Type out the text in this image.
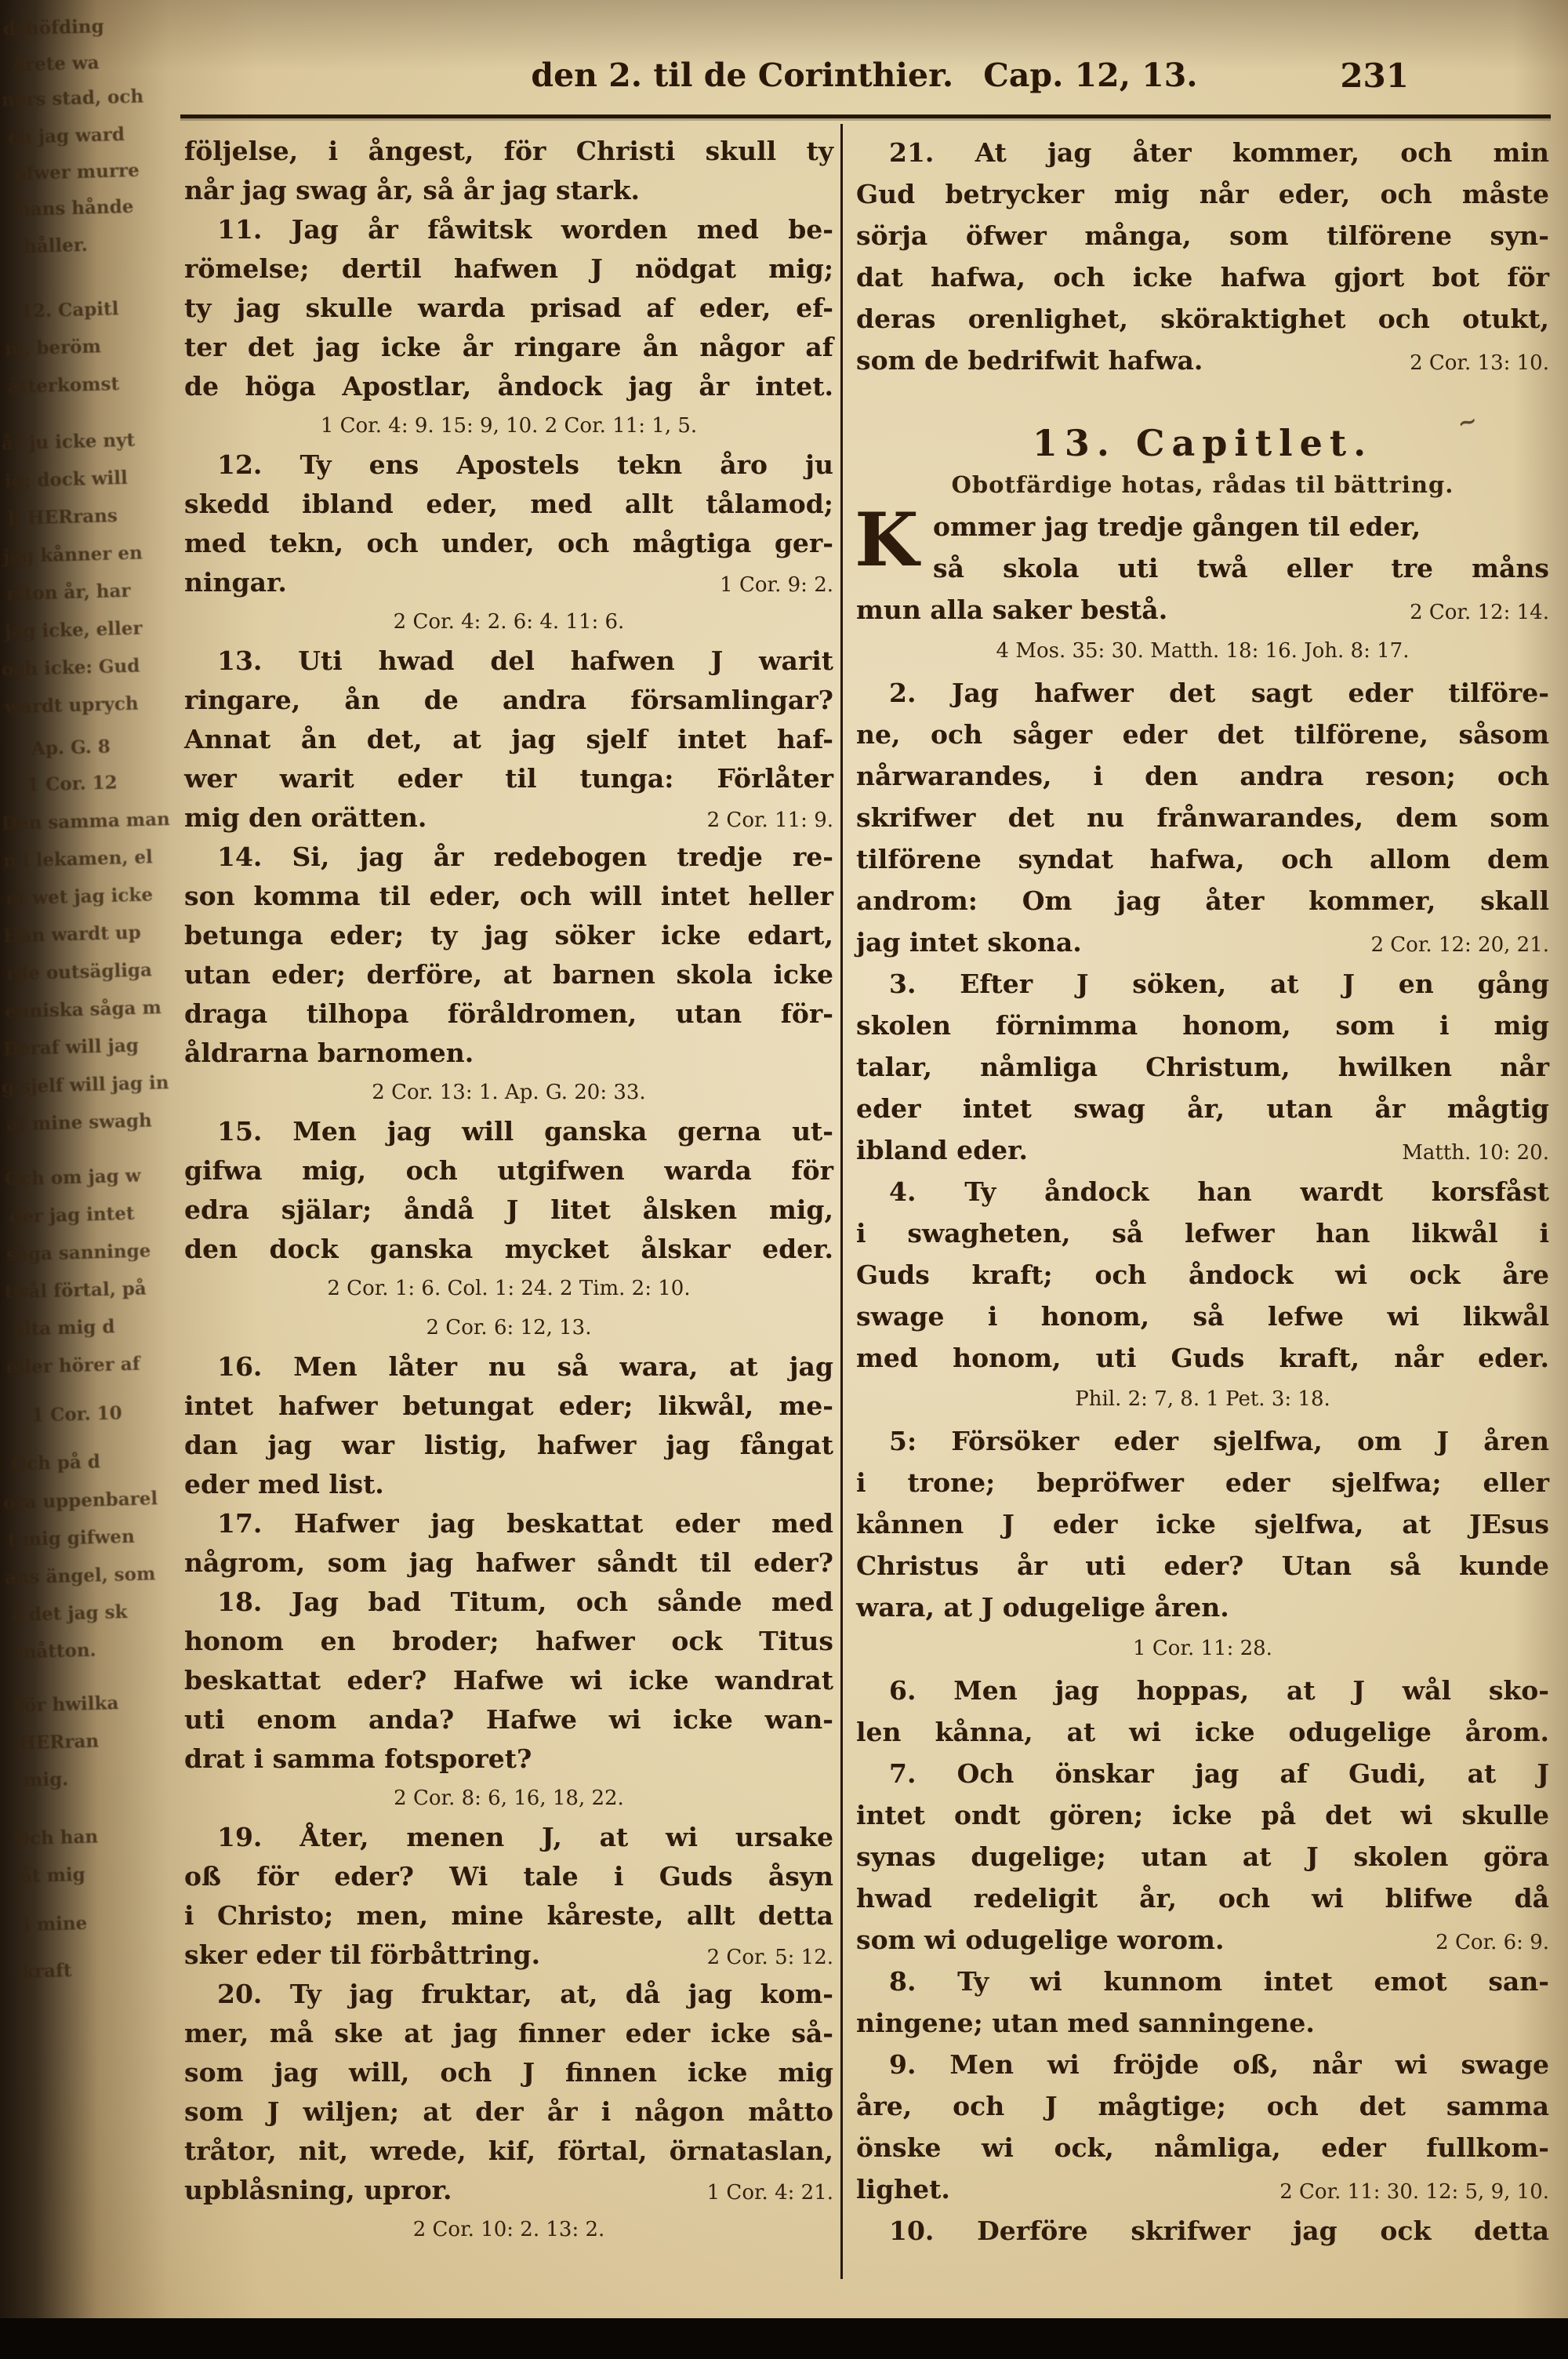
dshöfding
Arete wa
ners stad, och
ch jag ward
öfwer murre
hans hånde
håller.
12. Capitl
m, beröm
åtterkomst
år ju icke nyt
ig; dock will
h HERrans
jag kånner en
rtton år, har
jag icke, eller
och icke: Gud
wardt uprych
Ap. G. 8
1 Cor. 12
Den samma man
n i lekamen, el
et wet jag icke
Han wardt up
rde outsägliga
enniska såga m
Deraf will jag
g sjelf will jag in
af mine swagh
Och om jag w
der jag intet
såga sanninge
twål förtal, på
alta mig d
eller hörer af
1 Cor. 10
Och på d
ora uppenbarel
t mig gifwen
ans ängel, som
å det jag sk
måtton.
För hwilka
HERran
mig.
Och han
åt mig
i mine
kraft
den 2. til de Corinthier. Cap. 12, 13.	231
följelse, i ångest, för Christi skull ty
når jag swag år, så år jag stark.
11. Jag år fåwitsk worden med be-
römelse; dertil hafwen J nödgat mig;
ty jag skulle warda prisad af eder, ef-
ter det jag icke år ringare ån någor af
de höga Apostlar, åndock jag år intet.
1 Cor. 4: 9. 15: 9, 10. 2 Cor. 11: 1, 5.
12. Ty ens Apostels tekn åro ju
skedd ibland eder, med allt tålamod;
med tekn, och under, och mågtiga ger-
ningar.	1 Cor. 9: 2.
2 Cor. 4: 2. 6: 4. 11: 6.
13. Uti hwad del hafwen J warit
ringare, ån de andra församlingar?
Annat ån det, at jag sjelf intet haf-
wer warit eder til tunga: Förlåter
mig den orätten.	2 Cor. 11: 9.
14. Si, jag år redebogen tredje re-
son komma til eder, och will intet heller
betunga eder; ty jag söker icke edart,
utan eder; derföre, at barnen skola icke
draga tilhopa föråldromen, utan för-
åldrarna barnomen.
2 Cor. 13: 1. Ap. G. 20: 33.
15. Men jag will ganska gerna ut-
gifwa mig, och utgifwen warda för
edra själar; åndå J litet ålsken mig,
den dock ganska mycket ålskar eder.
2 Cor. 1: 6. Col. 1: 24. 2 Tim. 2: 10.
2 Cor. 6: 12, 13.
16. Men låter nu så wara, at jag
intet hafwer betungat eder; likwål, me-
dan jag war listig, hafwer jag fångat
eder med list.
17. Hafwer jag beskattat eder med
någrom, som jag hafwer såndt til eder?
18. Jag bad Titum, och sånde med
honom en broder; hafwer ock Titus
beskattat eder? Hafwe wi icke wandrat
uti enom anda? Hafwe wi icke wan-
drat i samma fotsporet?
2 Cor. 8: 6, 16, 18, 22.
19. Åter, menen J, at wi ursake
oß för eder? Wi tale i Guds åsyn
i Christo; men, mine kåreste, allt detta
sker eder til förbåttring.	2 Cor. 5: 12.
20. Ty jag fruktar, at, då jag kom-
mer, må ske at jag finner eder icke så-
som jag will, och J finnen icke mig
som J wiljen; at der år i någon måtto
tråtor, nit, wrede, kif, förtal, örnataslan,
upblåsning, upror.	1 Cor. 4: 21.
2 Cor. 10: 2. 13: 2.
21. At jag åter kommer, och min
Gud betrycker mig når eder, och måste
sörja öfwer många, som tilförene syn-
dat hafwa, och icke hafwa gjort bot för
deras orenlighet, sköraktighet och otukt,
som de bedrifwit hafwa.	2 Cor. 13: 10.
~
13. Capitlet.
Obotfärdige hotas, rådas til bättring.
K ommer jag tredje gången til eder,
så skola uti twå eller tre måns
mun alla saker bestå.	2 Cor. 12: 14.
4 Mos. 35: 30. Matth. 18: 16. Joh. 8: 17.
2. Jag hafwer det sagt eder tilföre-
ne, och såger eder det tilförene, såsom
nårwarandes, i den andra reson; och
skrifwer det nu frånwarandes, dem som
tilförene syndat hafwa, och allom dem
androm: Om jag åter kommer, skall
jag intet skona.	2 Cor. 12: 20, 21.
3. Efter J söken, at J en gång
skolen förnimma honom, som i mig
talar, nåmliga Christum, hwilken når
eder intet swag år, utan år mågtig
ibland eder.	Matth. 10: 20.
4. Ty åndock han wardt korsfåst
i swagheten, så lefwer han likwål i
Guds kraft; och åndock wi ock åre
swage i honom, så lefwe wi likwål
med honom, uti Guds kraft, når eder.
Phil. 2: 7, 8. 1 Pet. 3: 18.
5: Försöker eder sjelfwa, om J åren
i trone; bepröfwer eder sjelfwa; eller
kånnen J eder icke sjelfwa, at JEsus
Christus år uti eder? Utan så kunde
wara, at J odugelige åren.
1 Cor. 11: 28.
6. Men jag hoppas, at J wål sko-
len kånna, at wi icke odugelige årom.
7. Och önskar jag af Gudi, at J
intet ondt gören; icke på det wi skulle
synas dugelige; utan at J skolen göra
hwad redeligit år, och wi blifwe då
som wi odugelige worom.	2 Cor. 6: 9.
8. Ty wi kunnom intet emot san-
ningene; utan med sanningene.
9. Men wi fröjde oß, når wi swage
åre, och J mågtige; och det samma
önske wi ock, nåmliga, eder fullkom-
lighet.	2 Cor. 11: 30. 12: 5, 9, 10.
10. Derföre skrifwer jag ock detta
